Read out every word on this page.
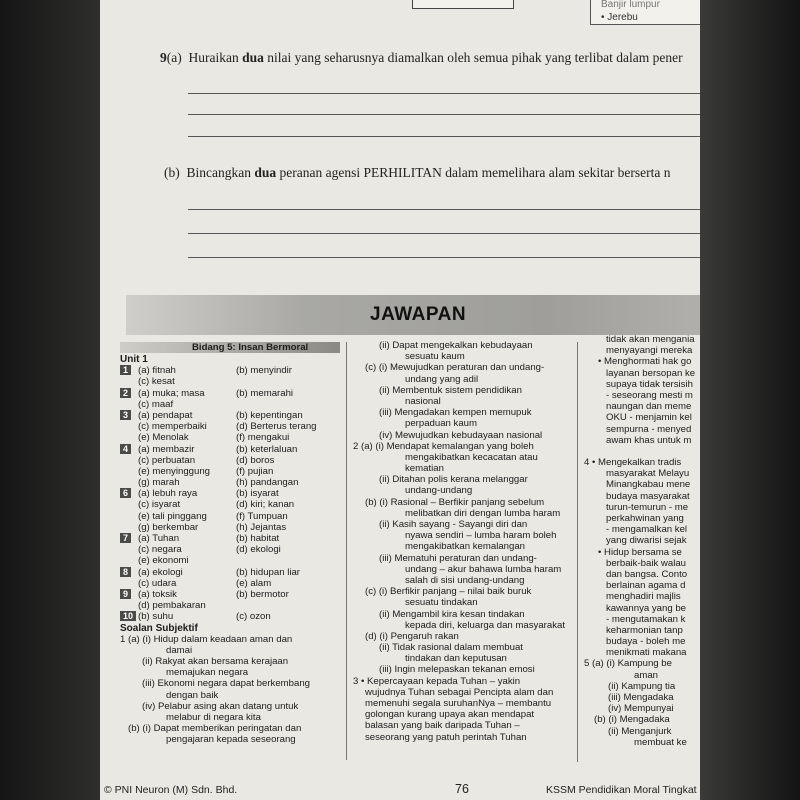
Banjir lumpur
• Jerebu
9(a) Huraikan dua nilai yang seharusnya diamalkan oleh semua pihak yang terlibat dalam pener
(b) Bincangkan dua peranan agensi PERHILITAN dalam memelihara alam sekitar berserta n
JAWAPAN
Bidang 5: Insan Bermoral
Unit 1
1	(a) fitnah	(b) menyindir
(c) kesat
2	(a) muka; masa	(b) memarahi
(c) maaf
3	(a) pendapat	(b) kepentingan
(c) memperbaiki	(d) Berterus terang
(e) Menolak	(f) mengakui
4	(a) membazir	(b) keterlaluan
(c) perbuatan	(d) boros
(e) menyinggung	(f) pujian
(g) marah	(h) pandangan
6	(a) lebuh raya	(b) isyarat
(c) isyarat	(d) kiri; kanan
(e) tali pinggang	(f) Tumpuan
(g) berkembar	(h) Jejantas
7	(a) Tuhan	(b) habitat
(c) negara	(d) ekologi
(e) ekonomi
8	(a) ekologi	(b) hidupan liar
(c) udara	(e) alam
9	(a) toksik	(b) bermotor
(d) pembakaran
10 (b) suhu	(c) ozon
Soalan Subjektif
1 (a) (i) Hidup dalam keadaan aman dan
damai
(ii) Rakyat akan bersama kerajaan
memajukan negara
(iii) Ekonomi negara dapat berkembang
dengan baik
(iv) Pelabur asing akan datang untuk
melabur di negara kita
(b) (i) Dapat memberikan peringatan dan
pengajaran kepada seseorang
(ii) Dapat mengekalkan kebudayaan
sesuatu kaum
(c) (i) Mewujudkan peraturan dan undang-
undang yang adil
(ii) Membentuk sistem pendidikan
nasional
(iii) Mengadakan kempen memupuk
perpaduan kaum
(iv) Mewujudkan kebudayaan nasional
2 (a) (i) Mendapat kemalangan yang boleh
mengakibatkan kecacatan atau
kematian
(ii) Ditahan polis kerana melanggar
undang-undang
(b) (i) Rasional – Berfikir panjang sebelum
melibatkan diri dengan lumba haram
(ii) Kasih sayang - Sayangi diri dan
nyawa sendiri – lumba haram boleh
mengakibatkan kemalangan
(iii) Mematuhi peraturan dan undang-
undang – akur bahawa lumba haram
salah di sisi undang-undang
(c) (i) Berfikir panjang – nilai baik buruk
sesuatu tindakan
(ii) Mengambil kira kesan tindakan
kepada diri, keluarga dan masyarakat
(d) (i) Pengaruh rakan
(ii) Tidak rasional dalam membuat
tindakan dan keputusan
(iii) Ingin melepaskan tekanan emosi
3 • Kepercayaan kepada Tuhan – yakin
wujudnya Tuhan sebagai Pencipta alam dan
memenuhi segala suruhanNya – membantu
golongan kurang upaya akan mendapat
balasan yang baik daripada Tuhan –
seseorang yang patuh perintah Tuhan
tidak akan mengania
menyayangi mereka
• Menghormati hak go
layanan bersopan ke
supaya tidak tersisih
- seseorang mesti m
naungan dan meme
OKU - menjamin kel
sempurna - menyed
awam khas untuk m
4 • Mengekalkan tradis
masyarakat Melayu
Minangkabau mene
budaya masyarakat
turun-temurun - me
perkahwinan yang
- mengamalkan kel
yang diwarisi sejak
• Hidup bersama se
berbaik-baik walau
dan bangsa. Conto
berlainan agama d
menghadiri majlis
kawannya yang be
- mengutamakan k
keharmonian tanp
budaya - boleh me
menikmati makana
5 (a) (i) Kampung be
aman
(ii) Kampung tia
(iii) Mengadaka
(iv) Mempunyai
(b) (i) Mengadaka
(ii) Menganjurk
membuat ke
© PNI Neuron (M) Sdn. Bhd.	76	KSSM Pendidikan Moral Tingkat
